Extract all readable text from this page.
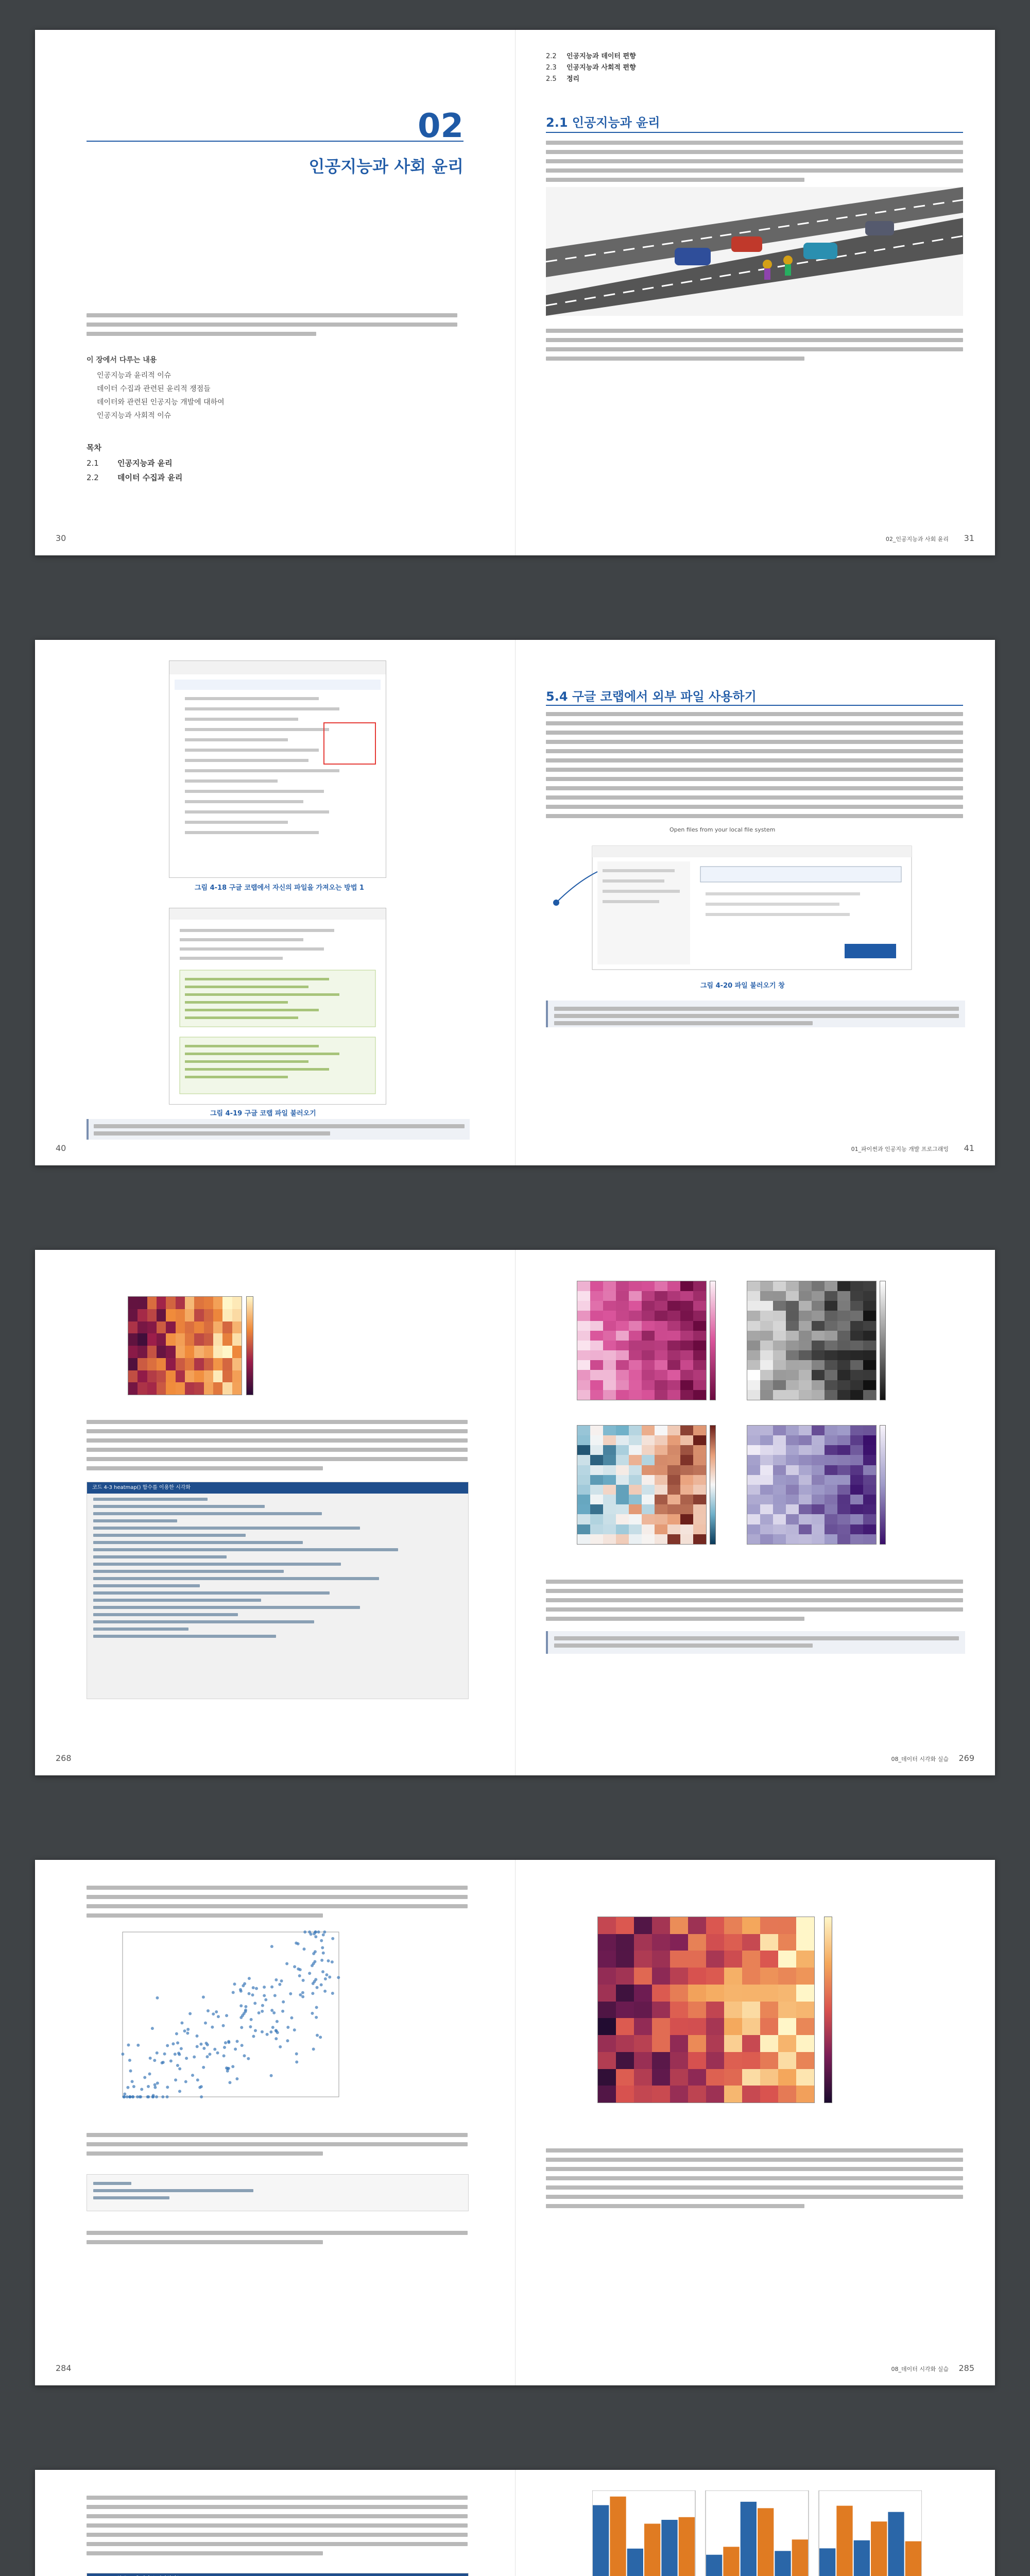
02
인공지능과 사회 윤리
이 장에서 다루는 내용
인공지능과 윤리적 이슈
데이터 수집과 관련된 윤리적 쟁점들
데이터와 관련된 인공지능 개발에 대하여
인공지능과 사회적 이슈
목차
2.1 인공지능과 윤리
2.2 데이터 수집과 윤리
30
2.2 인공지능과 데이터 편향
2.3 인공지능과 사회적 편향
2.5 정리
2.1 인공지능과 윤리
02_인공지능과 사회 윤리 31
그림 4-18 구글 코랩에서 자신의 파일을 가져오는 방법 1
그림 4-19 구글 코랩 파일 불러오기
40
5.4 구글 코랩에서 외부 파일 사용하기
Open files from your local file system
그림 4-20 파일 불러오기 창
01_파이썬과 인공지능 개발 프로그래밍 41
코드 4-3 heatmap() 함수를 이용한 시각화
268	08_데이터 시각화 실습 269
284	08_데이터 시각화 실습 285
